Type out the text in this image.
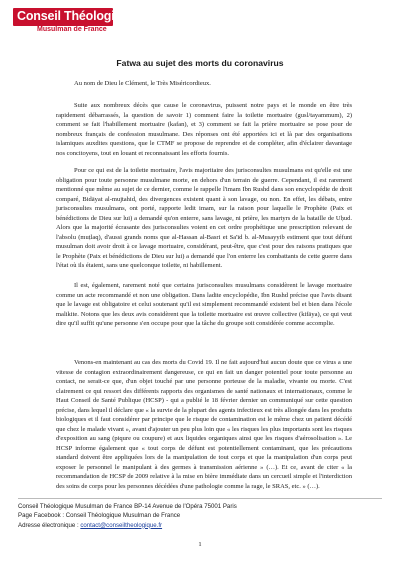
Conseil Théologique
Musulman de France
Fatwa au sujet des morts du coronavirus

Au nom de Dieu le Clément, le Très Miséricordieux.

Suite aux nombreux décès que cause le coronavirus, puissent notre pays et le monde en être très rapidement débarrassés, la question de savoir 1) comment faire la toilette mortuaire (gusl/tayammum), 2) comment se fait l'habillement mortuaire (kafan), et 3) comment se fait la prière mortuaire se pose pour de nombreux français de confession musulmane. Des réponses ont été apportées ici et là par des organisations islamiques auxdites questions, que le CTMF se propose de reprendre et de compléter, afin d'éclairer davantage nos concitoyens, tout en louant et reconnaissant les efforts fournis.

Pour ce qui est de la toilette mortuaire, l'avis majoritaire des jurisconsultes musulmans est qu'elle est une obligation pour toute personne musulmane morte, en dehors d'un terrain de guerre. Cependant, il est rarement mentionné que même au sujet de ce dernier, comme le rappelle l'imam Ibn Rushd dans son encyclopédie de droit comparé, Bidāyat al-mujtahid, des divergences existent quant à son lavage, ou non. En effet, les débats, entre jurisconsultes musulmans, ont porté, rapporte ledit imam, sur la raison pour laquelle le Prophète (Paix et bénédictions de Dieu sur lui) a demandé qu'on enterre, sans lavage, ni prière, les martyrs de la bataille de Uḥud. Alors que la majorité écrasante des jurisconsultes voient en cet ordre prophétique une prescription relevant de l'absolu (muṭlaq), d'aussi grands noms que al-Hassan al-Basri et Sa'īd b. al-Musayyib estiment que tout défunt musulman doit avoir droit à ce lavage mortuaire, considérant, peut-être, que c'est pour des raisons pratiques que le Prophète (Paix et bénédictions de Dieu sur lui) a demandé que l'on enterre les combattants de cette guerre dans l'état où ils étaient, sans une quelconque toilette, ni habillement.

Il est, également, rarement noté que certains jurisconsultes musulmans considèrent le lavage mortuaire comme un acte recommandé et non une obligation. Dans ladite encyclopédie, Ibn Rushd précise que l'avis disant que le lavage est obligatoire et celui soutenant qu'il est simplement recommandé existent bel et bien dans l'école malikite. Notons que les deux avis considèrent que la toilette mortuaire est œuvre collective (kifāya), ce qui veut dire qu'il suffit qu'une personne s'en occupe pour que la tâche du groupe soit considérée comme accomplie.

Venons-en maintenant au cas des morts du Covid 19. Il ne fait aujourd'hui aucun doute que ce virus a une vitesse de contagion extraordinairement dangereuse, ce qui en fait un danger potentiel pour toute personne au contact, ne serait-ce que, d'un objet touché par une personne porteuse de la maladie, vivante ou morte. C'est clairement ce qui ressort des différents rapports des organismes de santé nationaux et internationaux, comme le Haut Conseil de Santé Publique (HCSP) - qui a publié le 18 février dernier un communiqué sur cette question précise, dans lequel il déclare que « la survie de la plupart des agents infectieux est très allongée dans les produits biologiques et il faut considérer par principe que le risque de contamination est le même chez un patient décédé que chez le malade vivant », avant d'ajouter un peu plus loin que « les risques les plus importants sont les risques d'exposition au sang (piqure ou coupure) et aux liquides organiques ainsi que les risques d'aérosolisation ». Le HCSP informe également que « tout corps de défunt est potentiellement contaminant, que les précautions standard doivent être appliquées lors de la manipulation de tout corps et que la manipulation d'un corps peut exposer le personnel le manipulant à des germes à transmission aérienne » (…). Et ce, avant de citer « la recommandation de HCSP de 2009 relative à la mise en bière immédiate dans un cercueil simple et l'interdiction des soins de corps pour les personnes décédées d'une pathologie comme la rage, le SRAS, etc. » (…).

Conseil Théologique Musulman de France BP-14 Avenue de l'Opéra 75001 Paris
Page Facebook : Conseil Théologique Musulman de France
Adresse électronique : contact@conseiltheologique.fr
1
